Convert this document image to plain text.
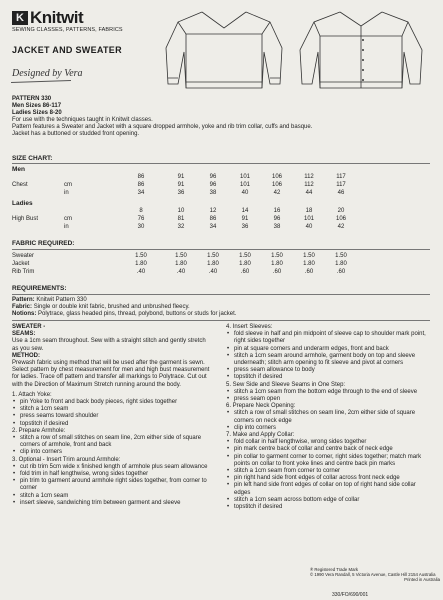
K Knitwit
SEWING CLASSES, PATTERNS, FABRICS
JACKET AND SWEATER
Designed by Vera
PATTERN 330
Men Sizes 86-117
Ladies Sizes 8-20
For use with the techniques taught in Knitwit classes.
Pattern features a Sweater and Jacket with a square dropped armhole, yoke and rib trim collar, cuffs and basque.
Jacket has a buttoned or studded front opening.
SIZE CHART:
Men
86	91	96	101	106	112	117
Chest	cm	86	91	96	101	106	112	117
in	34	36	38	40	42	44	46
Ladies
8	10	12	14	16	18	20
High Bust	cm	76	81	86	91	96	101	106
in	30	32	34	36	38	40	42
FABRIC REQUIRED:
Sweater	1.50	1.50	1.50	1.50	1.50	1.50	1.50
Jacket	1.80	1.80	1.80	1.80	1.80	1.80	1.80
Rib Trim	.40	.40	.40	.60	.60	.60	.60
REQUIREMENTS:
Pattern: Knitwit Pattern 330
Fabric: Single or double knit fabric, brushed and unbrushed fleecy.
Notions: Polytrace, glass headed pins, thread, polybond, buttons or studs for jacket.
SWEATER -
SEAMS:
Use a 1cm seam throughout. Sew with a straight stitch and gently stretch as you sew.
METHOD:
Prewash fabric using method that will be used after the garment is sewn. Select pattern by chest measurement for men and high bust measurement for ladies. Trace off pattern and transfer all markings to Polytrace. Cut out with the Direction of Maximum Stretch running around the body.
1. Attach Yoke:
• pin Yoke to front and back body pieces, right sides together
• stitch a 1cm seam
• press seams toward shoulder
• topstitch if desired
2. Prepare Armhole:
• stitch a row of small stitches on seam line, 2cm either side of square corners of armhole, front and back
• clip into corners
3. Optional - Insert Trim around Armhole:
• cut rib trim 5cm wide x finished length of armhole plus seam allowance
• fold trim in half lengthwise, wrong sides together
• pin trim to garment around armhole right sides together, from corner to corner
• stitch a 1cm seam
• insert sleeve, sandwiching trim between garment and sleeve
4. Insert Sleeves:
• fold sleeve in half and pin midpoint of sleeve cap to shoulder mark point, right sides together
• pin at square corners and underarm edges, front and back
• stitch a 1cm seam around armhole, garment body on top and sleeve underneath; stitch arm opening to fit sleeve and pivot at corners
• press seam allowance to body
• topstitch if desired
5. Sew Side and Sleeve Seams in One Step:
• stitch a 1cm seam from the bottom edge through to the end of sleeve
• press seam open
6. Prepare Neck Opening:
• stitch a row of small stitches on seam line, 2cm either side of square corners on neck edge
• clip into corners
7. Make and Apply Collar:
• fold collar in half lengthwise, wrong sides together
• pin mark centre back of collar and centre back of neck edge
• pin collar to garment corner to corner, right sides together; match mark points on collar to front yoke lines and centre back pin marks
• stitch a 1cm seam from corner to corner
• pin right hand side front edges of collar across front neck edge
• pin left hand side front edges of collar on top of right hand side collar edges
• stitch a 1cm seam across bottom edge of collar
• topstitch if desired
® Registered Trade Mark
© 1990 Vera Randall, 5 Victoria Avenue, Castle Hill 2154 Australia
Printed in Australia
330/FO/690/001
